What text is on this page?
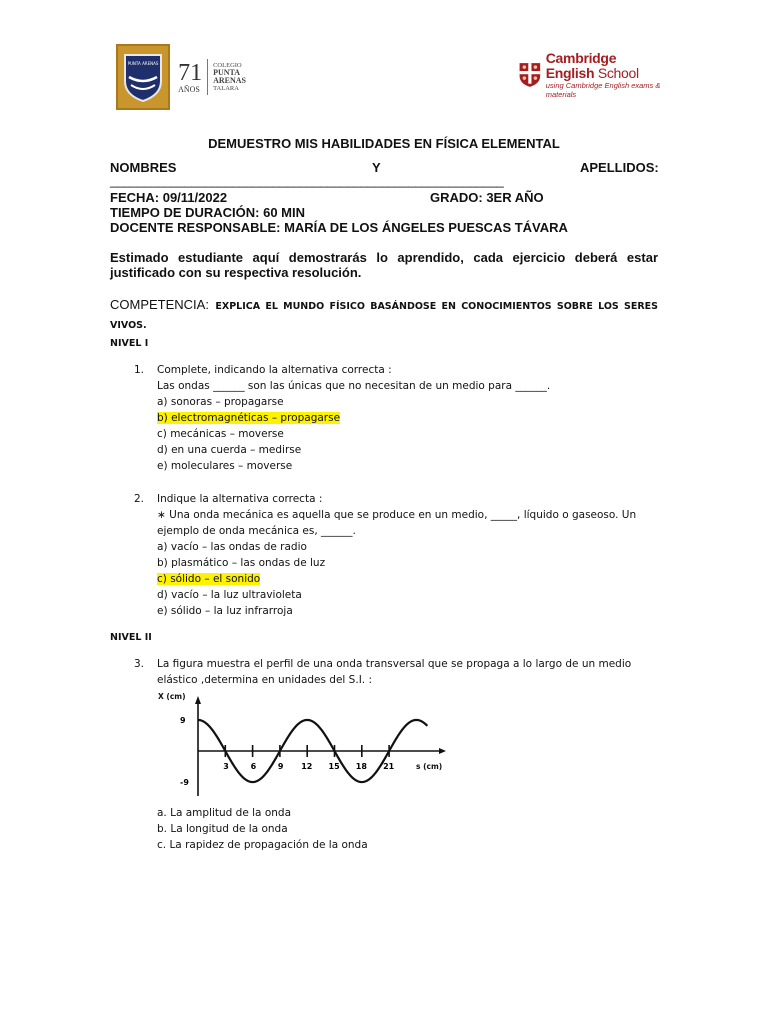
PUNTA ARENAS 71
AÑOS
COLEGIO
PUNTA
ARENAS
TALARA
Cambridge English School
using Cambridge English exams & materials
DEMUESTRO MIS HABILIDADES EN FÍSICA ELEMENTAL
NOMBRES	Y	APELLIDOS:
__________________________________________________________
FECHA: 09/11/2022	GRADO: 3ER AÑO
TIEMPO DE DURACIÓN: 60 MIN
DOCENTE RESPONSABLE: MARÍA DE LOS ÁNGELES PUESCAS TÁVARA
Estimado estudiante aquí demostrarás lo aprendido, cada ejercicio deberá estar justificado con su respectiva resolución.
COMPETENCIA: EXPLICA EL MUNDO FÍSICO BASÁNDOSE EN CONOCIMIENTOS SOBRE LOS SERES VIVOS.
NIVEL I
1. Complete, indicando la alternativa correcta :
Las ondas ______ son las únicas que no necesitan de un medio para ______.
a) sonoras – propagarse
b) electromagnéticas – propagarse
c) mecánicas – moverse
d) en una cuerda – medirse
e) moleculares – moverse
2. Indique la alternativa correcta :
∗ Una onda mecánica es aquella que se produce en un medio, _____, líquido o gaseoso. Un
ejemplo de onda mecánica es, ______.
a) vacío – las ondas de radio
b) plasmático – las ondas de luz
c) sólido – el sonido
d) vacío – la luz ultravioleta
e) sólido – la luz infrarroja
NIVEL II
3. La figura muestra el perfil de una onda transversal que se propaga a lo largo de un medio
elástico ,determina en unidades del S.I. :
X (cm)
3	6	9 12 15 18 21
9
-9
s (cm)
a. La amplitud de la onda
b. La longitud de la onda
c. La rapidez de propagación de la onda
